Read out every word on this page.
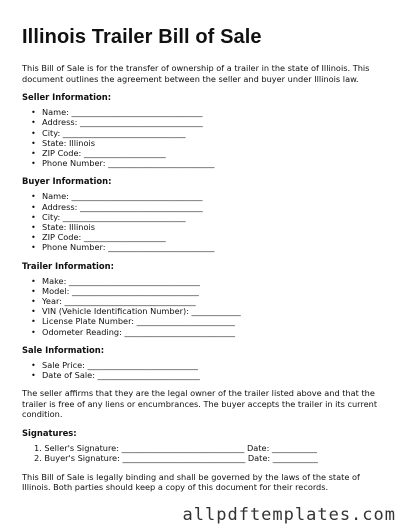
Illinois Trailer Bill of Sale

This Bill of Sale is for the transfer of ownership of a trailer in the state of Illinois. This document outlines the agreement between the seller and buyer under Illinois law.

Seller Information:
• Name: ________________________________
• Address: ______________________________
• City: ______________________________
• State: Illinois
• ZIP Code: ____________________
• Phone Number: __________________________
Buyer Information:
• Name: ________________________________
• Address: ______________________________
• City: ______________________________
• State: Illinois
• ZIP Code: ____________________
• Phone Number: __________________________
Trailer Information:
• Make: ________________________________
• Model: _______________________________
• Year: ________________________________
• VIN (Vehicle Identification Number): ____________
• License Plate Number: ________________________
• Odometer Reading: ___________________________
Sale Information:
• Sale Price: ___________________________
• Date of Sale: _________________________

The seller affirms that they are the legal owner of the trailer listed above and that the trailer is free of any liens or encumbrances. The buyer accepts the trailer in its current condition.

Signatures:
1. Seller's Signature: ______________________________ Date: ___________
2. Buyer's Signature: ______________________________ Date: ___________

This Bill of Sale is legally binding and shall be governed by the laws of the state of Illinois. Both parties should keep a copy of this document for their records.

allpdftemplates.com
